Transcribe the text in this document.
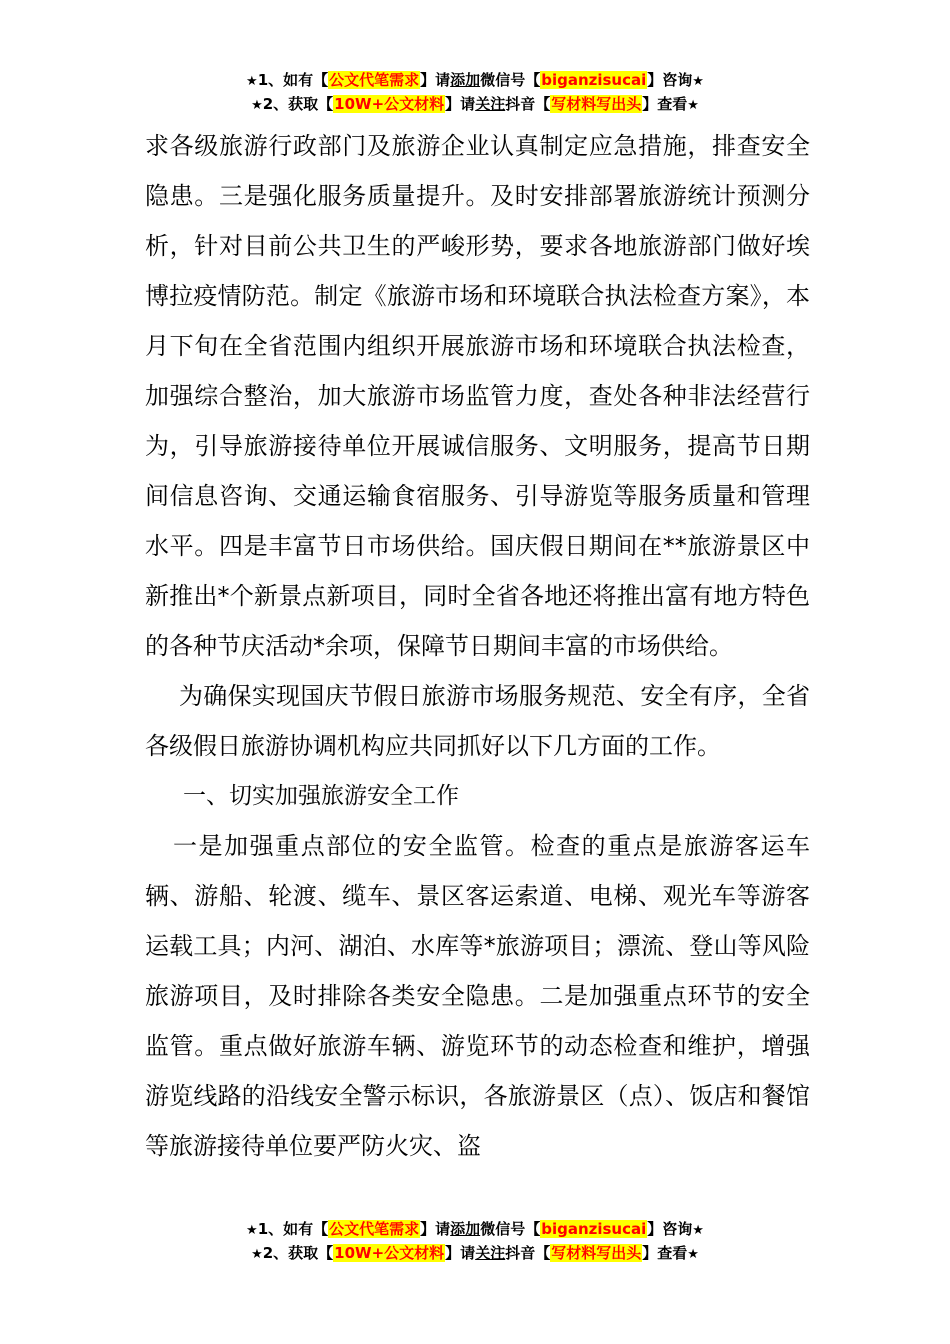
★1、如有【公文代笔需求】请添加微信号【biganzisucai】咨询★
★2、获取【10W+公文材料】请关注抖音【写材料写出头】查看★

求各级旅游行政部门及旅游企业认真制定应急措施，排查安全隐患。三是强化服务质量提升。及时安排部署旅游统计预测分析，针对目前公共卫生的严峻形势，要求各地旅游部门做好埃博拉疫情防范。制定《旅游市场和环境联合执法检查方案》，本月下旬在全省范围内组织开展旅游市场和环境联合执法检查，加强综合整治，加大旅游市场监管力度，查处各种非法经营行为，引导旅游接待单位开展诚信服务、文明服务，提高节日期间信息咨询、交通运输食宿服务、引导游览等服务质量和管理水平。四是丰富节日市场供给。国庆假日期间在**旅游景区中新推出*个新景点新项目，同时全省各地还将推出富有地方特色的各种节庆活动*余项，保障节日期间丰富的市场供给。

为确保实现国庆节假日旅游市场服务规范、安全有序，全省各级假日旅游协调机构应共同抓好以下几方面的工作。

一、切实加强旅游安全工作

一是加强重点部位的安全监管。检查的重点是旅游客运车辆、游船、轮渡、缆车、景区客运索道、电梯、观光车等游客运载工具；内河、湖泊、水库等*旅游项目；漂流、登山等风险旅游项目，及时排除各类安全隐患。二是加强重点环节的安全监管。重点做好旅游车辆、游览环节的动态检查和维护，增强游览线路的沿线安全警示标识，各旅游景区（点）、饭店和餐馆等旅游接待单位要严防火灾、盗

★1、如有【公文代笔需求】请添加微信号【biganzisucai】咨询★
★2、获取【10W+公文材料】请关注抖音【写材料写出头】查看★
